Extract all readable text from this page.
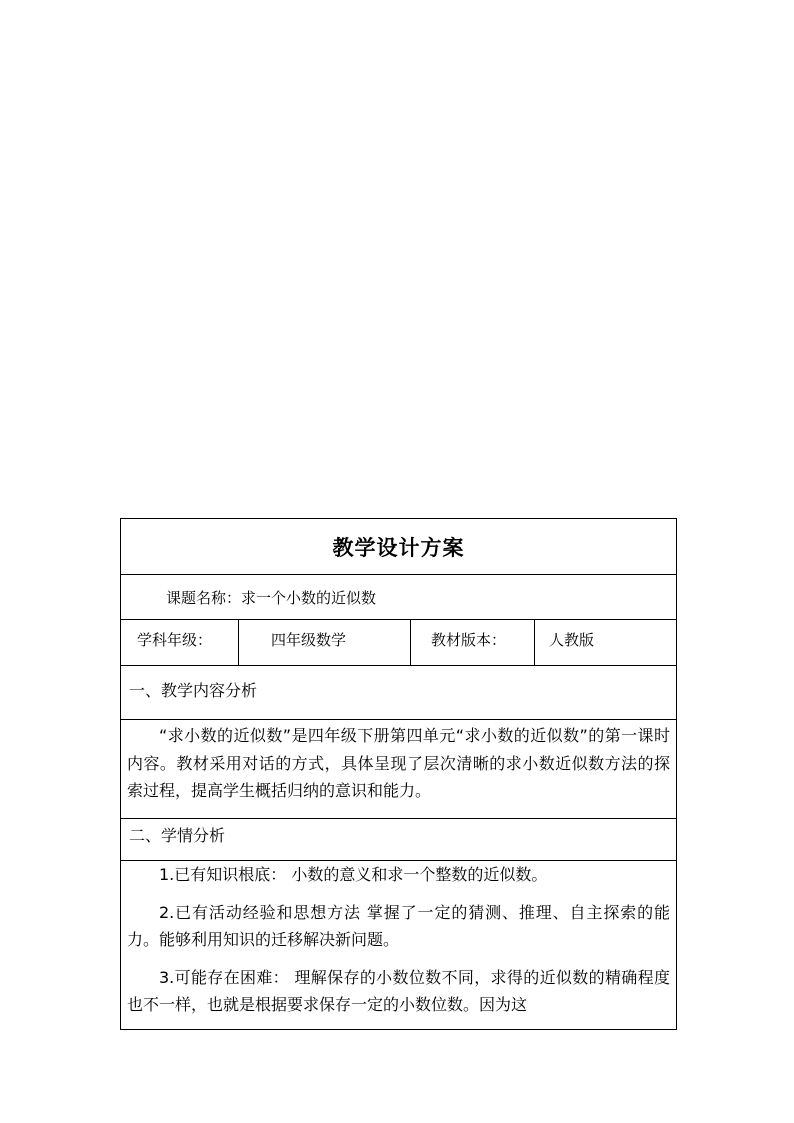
教学设计方案
课题名称：求一个小数的近似数
学科年级：	四年级数学	教材版本：	人教版
一、教学内容分析

“求小数的近似数”是四年级下册第四单元“求小数的近似数”的第一课时内容。教材采用对话的方式，具体呈现了层次清晰的求小数近似数方法的探索过程，提高学生概括归纳的意识和能力。

二、学情分析

1.已有知识根底： 小数的意义和求一个整数的近似数。

2.已有活动经验和思想方法 掌握了一定的猜测、推理、自主探索的能力。能够利用知识的迁移解决新问题。

3.可能存在困难： 理解保存的小数位数不同，求得的近似数的精确程度也不一样，也就是根据要求保存一定的小数位数。因为这
